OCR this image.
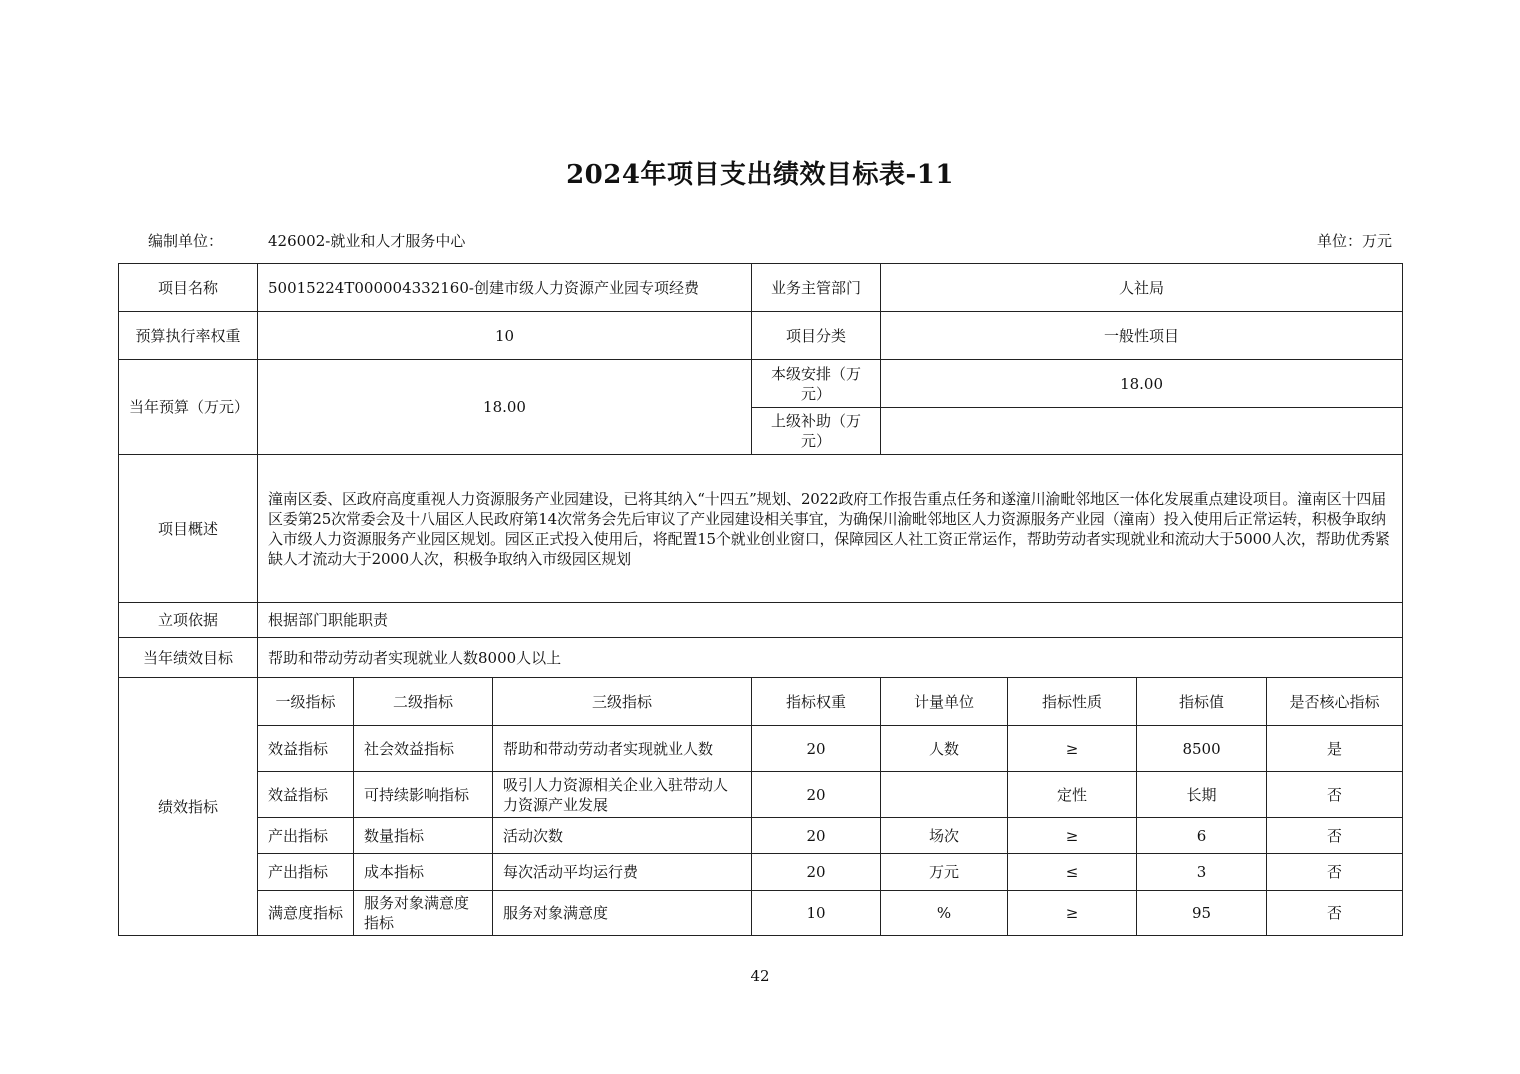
2024年项目支出绩效目标表-11
编制单位：	426002-就业和人才服务中心	单位：万元
项目名称	50015224T000004332160-创建市级人力资源产业园专项经费			业务主管部门	人社局			
预算执行率权重	10			项目分类	一般性项目			
当年预算（万元）	18.00			本级安排（万元）	18.00			
				上级补助（万元）				
项目概述	潼南区委、区政府高度重视人力资源服务产业园建设，已将其纳入“十四五”规划、2022政府工作报告重点任务和遂潼川渝毗邻地区一体化发展重点建设项目。潼南区十四届区委第25次常委会及十八届区人民政府第14次常务会先后审议了产业园建设相关事宜，为确保川渝毗邻地区人力资源服务产业园（潼南）投入使用后正常运转，积极争取纳入市级人力资源服务产业园区规划。园区正式投入使用后，将配置15个就业创业窗口，保障园区人社工资正常运作，帮助劳动者实现就业和流动大于5000人次，帮助优秀紧缺人才流动大于2000人次，积极争取纳入市级园区规划							
立项依据	根据部门职能职责							
当年绩效目标	帮助和带动劳动者实现就业人数8000人以上							
绩效指标	一级指标	二级指标	三级指标	指标权重	计量单位	指标性质	指标值	是否核心指标
	效益指标	社会效益指标	帮助和带动劳动者实现就业人数	20	人数	≥	8500	是
	效益指标	可持续影响指标	吸引人力资源相关企业入驻带动人力资源产业发展	20		定性	长期	否
	产出指标	数量指标	活动次数	20	场次	≥	6	否
	产出指标	成本指标	每次活动平均运行费	20	万元	≤	3	否
	满意度指标	服务对象满意度指标	服务对象满意度	10	%	≥	95	否
42
